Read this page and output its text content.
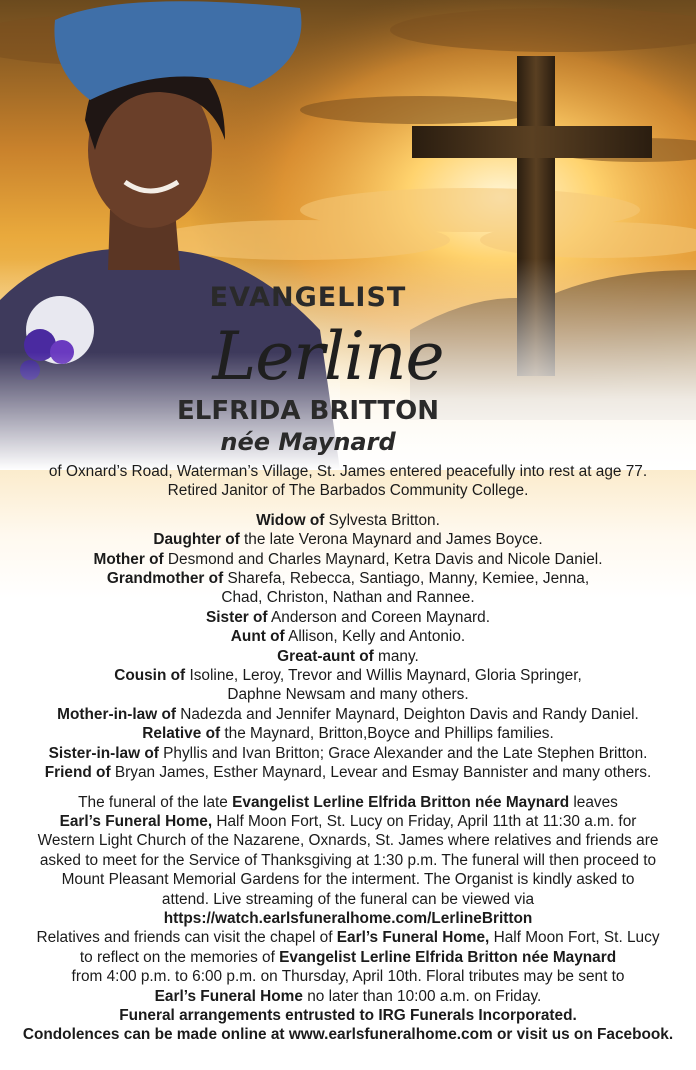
EVANGELIST
Lerline
ELFRIDA BRITTON
née Maynard

of Oxnard’s Road, Waterman’s Village, St. James entered peacefully into rest at age 77.

Retired Janitor of The Barbados Community College.

Widow of Sylvesta Britton.

Daughter of the late Verona Maynard and James Boyce.

Mother of Desmond and Charles Maynard, Ketra Davis and Nicole Daniel.

Grandmother of Sharefa, Rebecca, Santiago, Manny, Kemiee, Jenna,

Chad, Christon, Nathan and Rannee.

Sister of Anderson and Coreen Maynard.

Aunt of Allison, Kelly and Antonio.

Great-aunt of many.

Cousin of Isoline, Leroy, Trevor and Willis Maynard, Gloria Springer,

Daphne Newsam and many others.

Mother-in-law of Nadezda and Jennifer Maynard, Deighton Davis and Randy Daniel.

Relative of the Maynard, Britton,Boyce and Phillips families.

Sister-in-law of Phyllis and Ivan Britton; Grace Alexander and the Late Stephen Britton.

Friend of Bryan James, Esther Maynard, Levear and Esmay Bannister and many others.

The funeral of the late Evangelist Lerline Elfrida Britton née Maynard leaves

Earl’s Funeral Home, Half Moon Fort, St. Lucy on Friday, April 11th at 11:30 a.m. for

Western Light Church of the Nazarene, Oxnards, St. James where relatives and friends are

asked to meet for the Service of Thanksgiving at 1:30 p.m. The funeral will then proceed to

Mount Pleasant Memorial Gardens for the interment. The Organist is kindly asked to

attend. Live streaming of the funeral can be viewed via

https://watch.earlsfuneralhome.com/LerlineBritton

Relatives and friends can visit the chapel of Earl’s Funeral Home, Half Moon Fort, St. Lucy

to reflect on the memories of Evangelist Lerline Elfrida Britton née Maynard

from 4:00 p.m. to 6:00 p.m. on Thursday, April 10th. Floral tributes may be sent to

Earl’s Funeral Home no later than 10:00 a.m. on Friday.

Funeral arrangements entrusted to IRG Funerals Incorporated.

Condolences can be made online at www.earlsfuneralhome.com or visit us on Facebook.
